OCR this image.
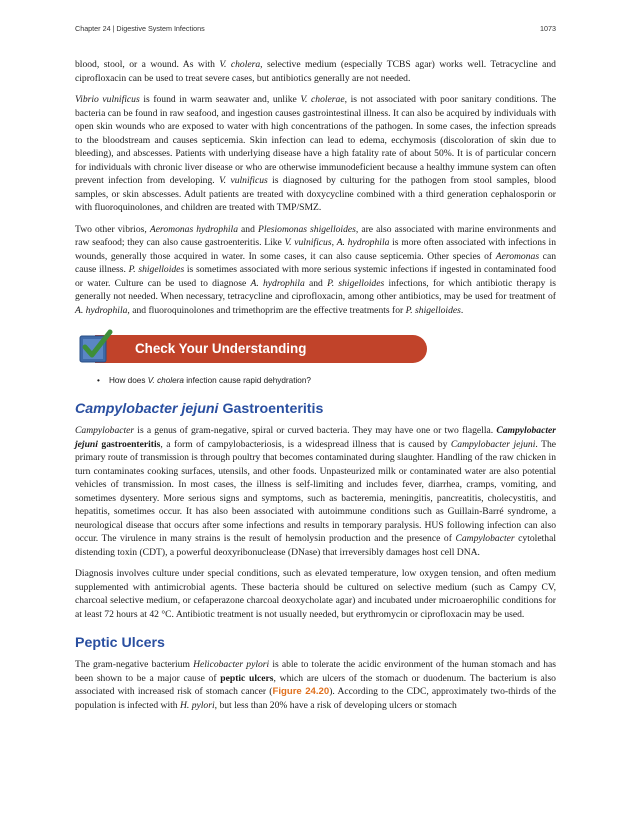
Chapter 24 | Digestive System Infections	1073

blood, stool, or a wound. As with V. cholera, selective medium (especially TCBS agar) works well. Tetracycline and ciprofloxacin can be used to treat severe cases, but antibiotics generally are not needed.

Vibrio vulnificus is found in warm seawater and, unlike V. cholerae, is not associated with poor sanitary conditions. The bacteria can be found in raw seafood, and ingestion causes gastrointestinal illness. It can also be acquired by individuals with open skin wounds who are exposed to water with high concentrations of the pathogen. In some cases, the infection spreads to the bloodstream and causes septicemia. Skin infection can lead to edema, ecchymosis (discoloration of skin due to bleeding), and abscesses. Patients with underlying disease have a high fatality rate of about 50%. It is of particular concern for individuals with chronic liver disease or who are otherwise immunodeficient because a healthy immune system can often prevent infection from developing. V. vulnificus is diagnosed by culturing for the pathogen from stool samples, blood samples, or skin abscesses. Adult patients are treated with doxycycline combined with a third generation cephalosporin or with fluoroquinolones, and children are treated with TMP/SMZ.

Two other vibrios, Aeromonas hydrophila and Plesiomonas shigelloides, are also associated with marine environments and raw seafood; they can also cause gastroenteritis. Like V. vulnificus, A. hydrophila is more often associated with infections in wounds, generally those acquired in water. In some cases, it can also cause septicemia. Other species of Aeromonas can cause illness. P. shigelloides is sometimes associated with more serious systemic infections if ingested in contaminated food or water. Culture can be used to diagnose A. hydrophila and P. shigelloides infections, for which antibiotic therapy is generally not needed. When necessary, tetracycline and ciprofloxacin, among other antibiotics, may be used for treatment of A. hydrophila, and fluoroquinolones and trimethoprim are the effective treatments for P. shigelloides.

Check Your Understanding
• How does V. cholera infection cause rapid dehydration?
Campylobacter jejuni Gastroenteritis

Campylobacter is a genus of gram-negative, spiral or curved bacteria. They may have one or two flagella. Campylobacter jejuni gastroenteritis, a form of campylobacteriosis, is a widespread illness that is caused by Campylobacter jejuni. The primary route of transmission is through poultry that becomes contaminated during slaughter. Handling of the raw chicken in turn contaminates cooking surfaces, utensils, and other foods. Unpasteurized milk or contaminated water are also potential vehicles of transmission. In most cases, the illness is self-limiting and includes fever, diarrhea, cramps, vomiting, and sometimes dysentery. More serious signs and symptoms, such as bacteremia, meningitis, pancreatitis, cholecystitis, and hepatitis, sometimes occur. It has also been associated with autoimmune conditions such as Guillain-Barré syndrome, a neurological disease that occurs after some infections and results in temporary paralysis. HUS following infection can also occur. The virulence in many strains is the result of hemolysin production and the presence of Campylobacter cytolethal distending toxin (CDT), a powerful deoxyribonuclease (DNase) that irreversibly damages host cell DNA.

Diagnosis involves culture under special conditions, such as elevated temperature, low oxygen tension, and often medium supplemented with antimicrobial agents. These bacteria should be cultured on selective medium (such as Campy CV, charcoal selective medium, or cefaperazone charcoal deoxycholate agar) and incubated under microaerophilic conditions for at least 72 hours at 42 °C. Antibiotic treatment is not usually needed, but erythromycin or ciprofloxacin may be used.

Peptic Ulcers

The gram-negative bacterium Helicobacter pylori is able to tolerate the acidic environment of the human stomach and has been shown to be a major cause of peptic ulcers, which are ulcers of the stomach or duodenum. The bacterium is also associated with increased risk of stomach cancer (Figure 24.20). According to the CDC, approximately two-thirds of the population is infected with H. pylori, but less than 20% have a risk of developing ulcers or stomach
